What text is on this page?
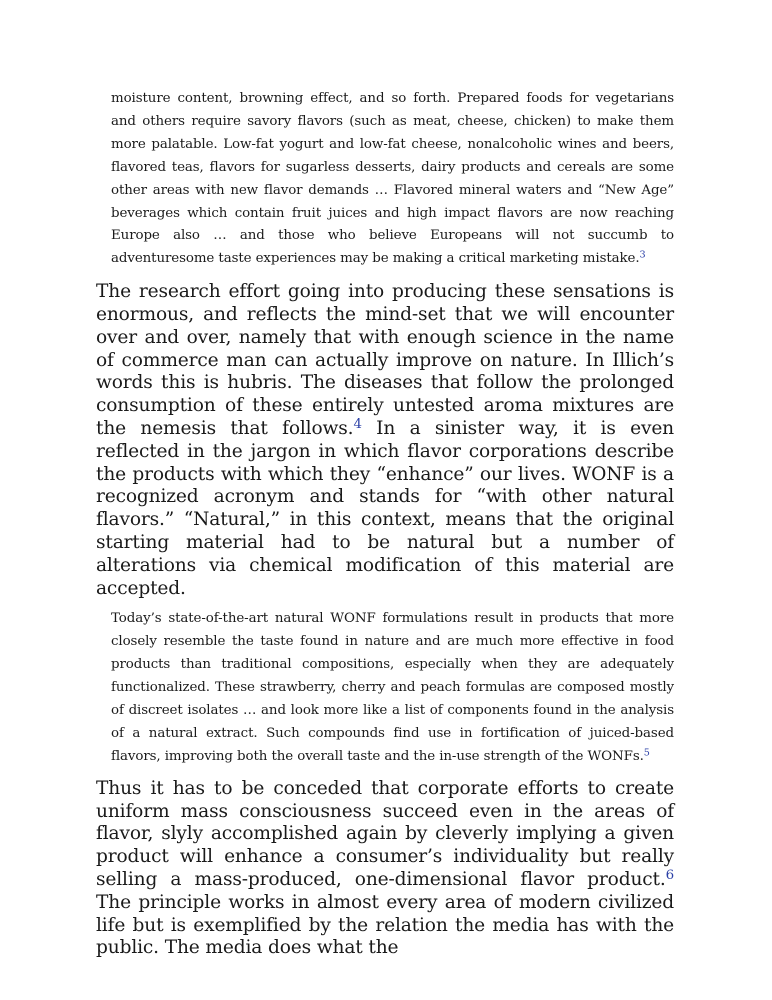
moisture content, browning effect, and so forth. Prepared foods for vegetarians and others require savory flavors (such as meat, cheese, chicken) to make them more palatable. Low-fat yogurt and low-fat cheese, nonalcoholic wines and beers, flavored teas, flavors for sugarless desserts, dairy products and cereals are some other areas with new flavor demands … Flavored mineral waters and “New Age” beverages which contain fruit juices and high impact flavors are now reaching Europe also … and those who believe Europeans will not succumb to adventuresome taste experiences may be making a critical marketing mistake.$^3$

The research effort going into producing these sensations is enormous, and reflects the mind-set that we will encounter over and over, namely that with enough science in the name of commerce man can actually improve on nature. In Illich’s words this is hubris. The diseases that follow the prolonged consumption of these entirely untested aroma mixtures are the nemesis that follows.$^4$ In a sinister way, it is even reflected in the jargon in which flavor corporations describe the products with which they “enhance” our lives. WONF is a recognized acronym and stands for “with other natural flavors.” “Natural,” in this context, means that the original starting material had to be natural but a number of alterations via chemical modification of this material are accepted.

Today’s state-of-the-art natural WONF formulations result in products that more closely resemble the taste found in nature and are much more effective in food products than traditional compositions, especially when they are adequately functionalized. These strawberry, cherry and peach formulas are composed mostly of discreet isolates … and look more like a list of components found in the analysis of a natural extract. Such compounds find use in fortification of juiced-based flavors, improving both the overall taste and the in-use strength of the WONFs.$^5$

Thus it has to be conceded that corporate efforts to create uniform mass consciousness succeed even in the areas of flavor, slyly accomplished again by cleverly implying a given product will enhance a consumer’s individuality but really selling a mass-produced, one-dimensional flavor product.$^6$ The principle works in almost every area of modern civilized life but is exemplified by the relation the media has with the public. The media does what the
